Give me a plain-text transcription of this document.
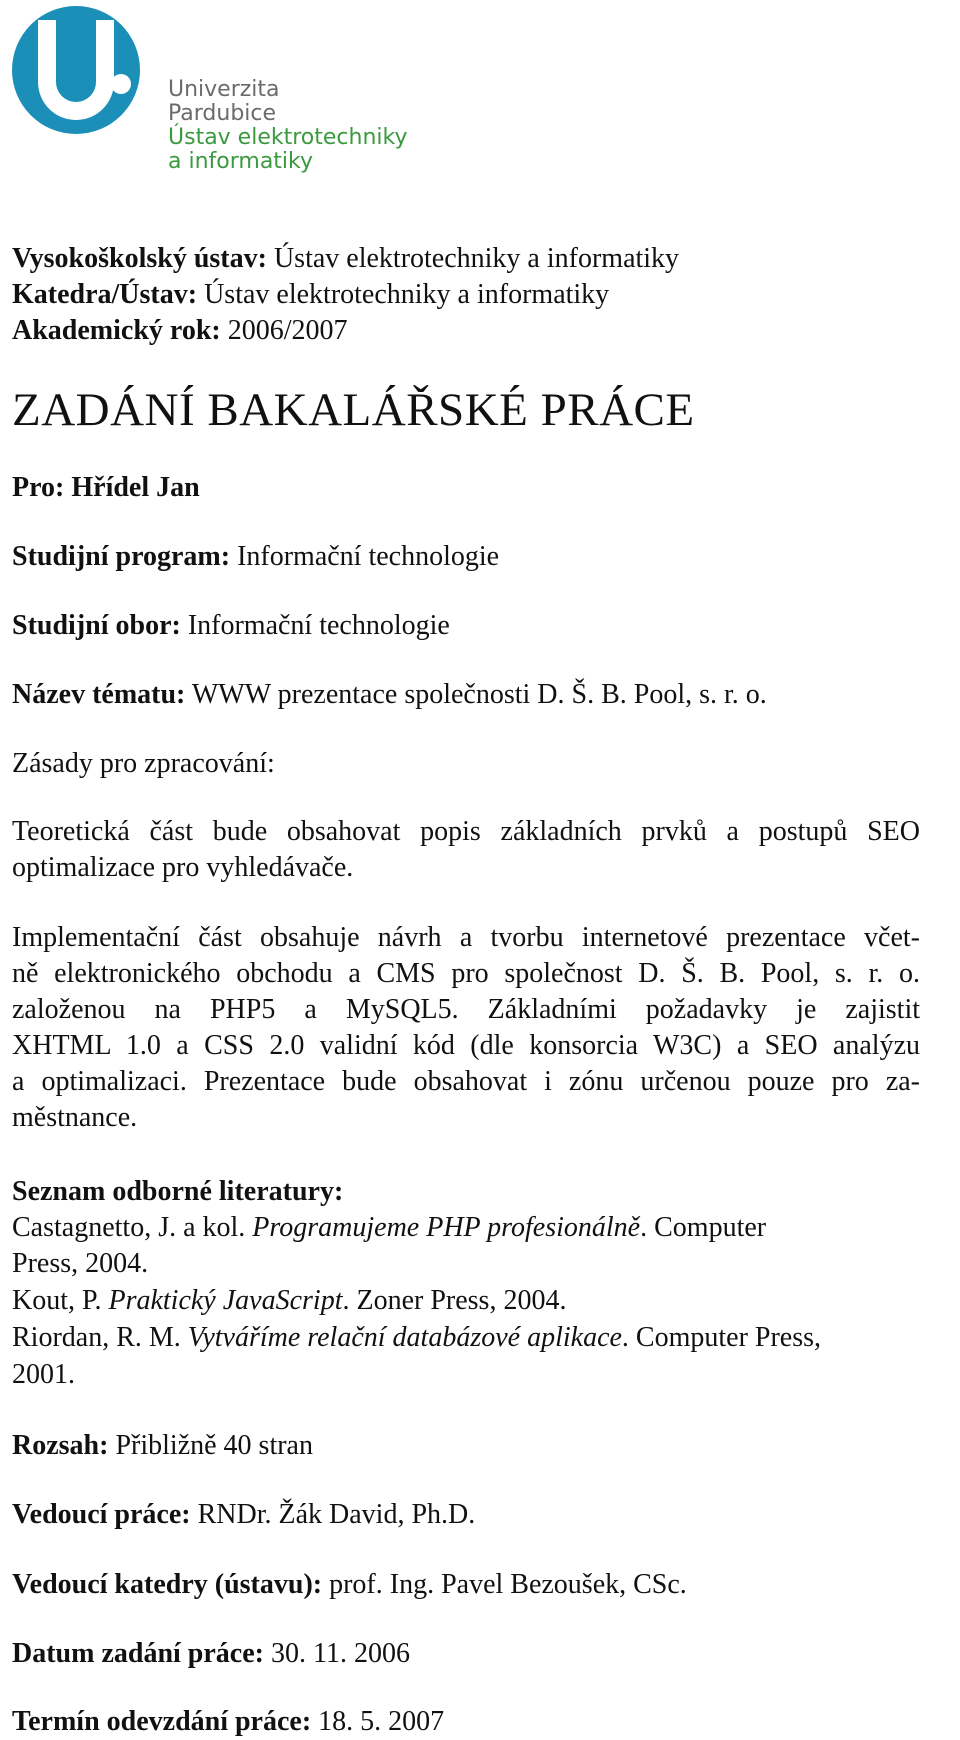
Univerzita
Pardubice
Ústav elektrotechniky
a informatiky
Vysokoškolský ústav: Ústav elektrotechniky a informatiky
Katedra/Ústav: Ústav elektrotechniky a informatiky
Akademický rok: 2006/2007
ZADÁNÍ BAKALÁŘSKÉ PRÁCE
Pro: Hřídel Jan
Studijní program: Informační technologie
Studijní obor: Informační technologie
Název tématu: WWW prezentace společnosti D. Š. B. Pool, s. r. o.
Zásady pro zpracování:
Teoretická část bude obsahovat popis základních prvků a postupů SEO optimalizace pro vyhledávače.
Implementační část obsahuje návrh a tvorbu internetové prezentace včet-
ně elektronického obchodu a CMS pro společnost D. Š. B. Pool, s. r. o.
založenou na PHP5 a MySQL5. Základními požadavky je zajistit
XHTML 1.0 a CSS 2.0 validní kód (dle konsorcia W3C) a SEO analýzu
a optimalizaci. Prezentace bude obsahovat i zónu určenou pouze pro za-
městnance.
Seznam odborné literatury:
Castagnetto, J. a kol. Programujeme PHP profesionálně. Computer
Press, 2004.
Kout, P. Praktický JavaScript. Zoner Press, 2004.
Riordan, R. M. Vytváříme relační databázové aplikace. Computer Press,
2001.
Rozsah: Přibližně 40 stran
Vedoucí práce: RNDr. Žák David, Ph.D.
Vedoucí katedry (ústavu): prof. Ing. Pavel Bezoušek, CSc.
Datum zadání práce: 30. 11. 2006
Termín odevzdání práce: 18. 5. 2007
